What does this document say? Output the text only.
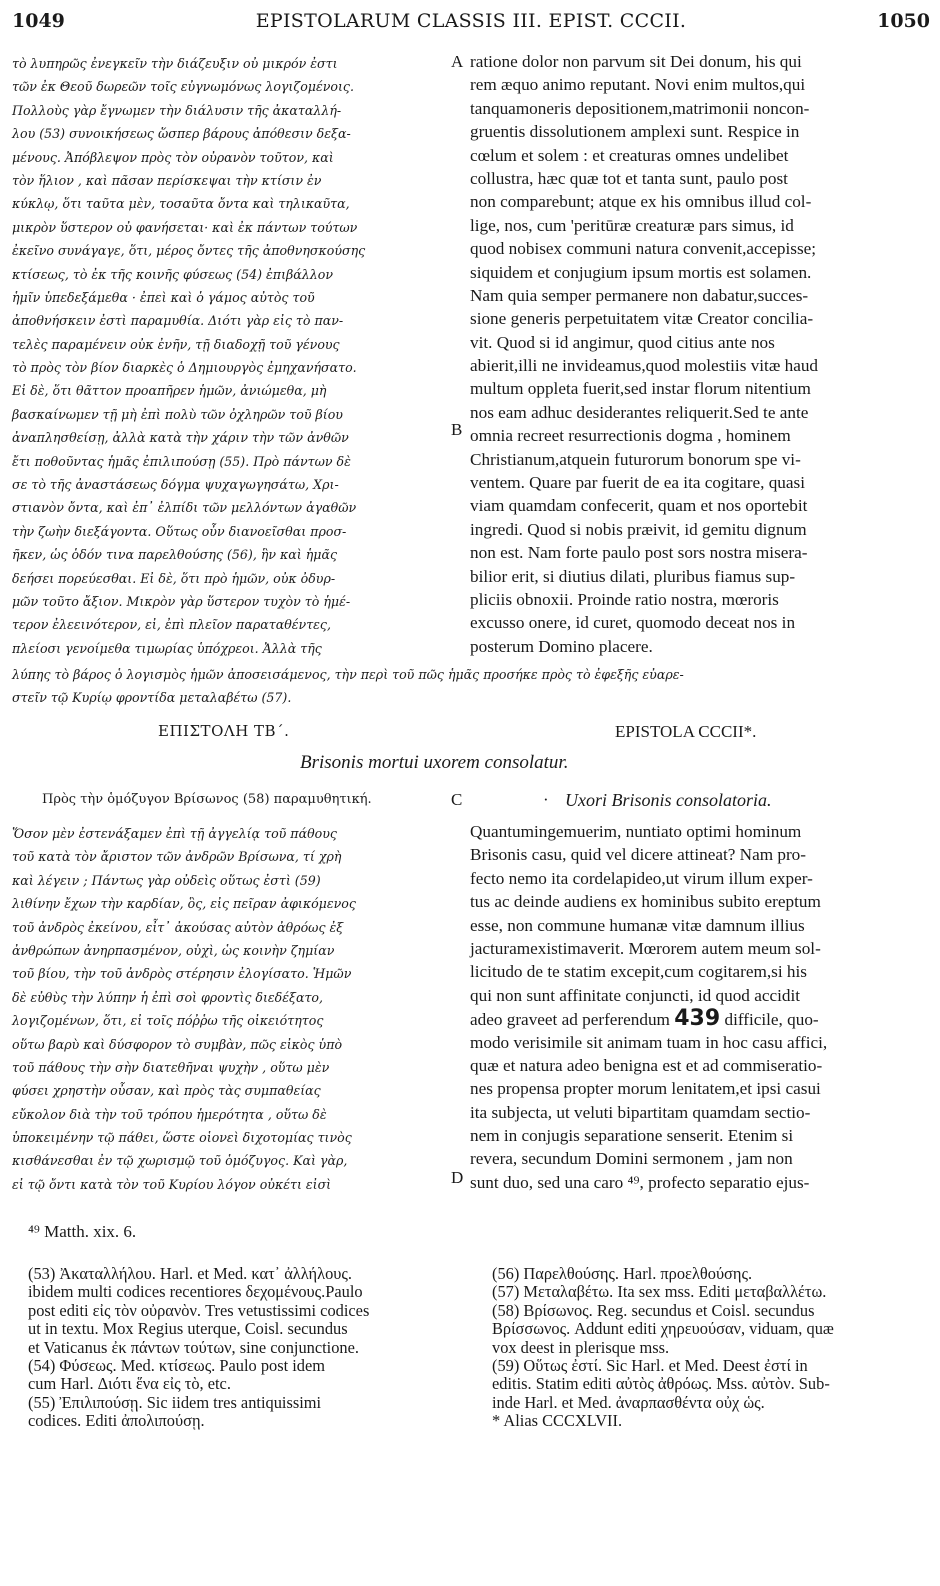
1049	EPISTOLARUM CLASSIS III. EPIST. CCCII.	1050
τὸ λυπηρῶς ἐνεγκεῖν τὴν διάζευξιν οὐ μικρόν ἐστι
τῶν ἐκ Θεοῦ δωρεῶν τοῖς εὐγνωμόνως λογιζομένοις.
Πολλοὺς γὰρ ἔγνωμεν τὴν διάλυσιν τῆς ἀκαταλλή-
λου (53) συνοικήσεως ὥσπερ βάρους ἀπόθεσιν δεξα-
μένους. Ἀπόβλεψον πρὸς τὸν οὐρανὸν τοῦτον, καὶ
τὸν ἥλιον , καὶ πᾶσαν περίσκεψαι τὴν κτίσιν ἐν
κύκλῳ, ὅτι ταῦτα μὲν, τοσαῦτα ὄντα καὶ τηλικαῦτα,
μικρὸν ὕστερον οὐ φανήσεται· καὶ ἐκ πάντων τούτων
ἐκεῖνο συνάγαγε, ὅτι, μέρος ὄντες τῆς ἀποθνησκούσης
κτίσεως, τὸ ἐκ τῆς κοινῆς φύσεως (54) ἐπιβάλλον
ἡμῖν ὑπεδεξάμεθα · ἐπεὶ καὶ ὁ γάμος αὐτὸς τοῦ
ἀποθνήσκειν ἐστὶ παραμυθία. Διότι γὰρ εἰς τὸ παν-
τελὲς παραμένειν οὐκ ἐνῆν, τῇ διαδοχῇ τοῦ γένους
τὸ πρὸς τὸν βίον διαρκὲς ὁ Δημιουργὸς ἐμηχανήσατο.
Εἰ δὲ, ὅτι θᾶττον προαπῆρεν ἡμῶν, ἀνιώμεθα, μὴ
βασκαίνωμεν τῇ μὴ ἐπὶ πολὺ τῶν ὀχληρῶν τοῦ βίου
ἀναπλησθείσῃ, ἀλλὰ κατὰ τὴν χάριν τὴν τῶν ἀνθῶν
ἔτι ποθοῦντας ἡμᾶς ἐπιλιπούσῃ (55). Πρὸ πάντων δὲ
σε τὸ τῆς ἀναστάσεως δόγμα ψυχαγωγησάτω, Χρι-
στιανὸν ὄντα, καὶ ἐπ᾽ ἐλπίδι τῶν μελλόντων ἀγαθῶν
τὴν ζωὴν διεξάγοντα. Οὕτως οὖν διανοεῖσθαι προσ-
ῆκεν, ὡς ὁδόν τινα παρελθούσης (56), ἣν καὶ ἡμᾶς
δεήσει πορεύεσθαι. Εἰ δὲ, ὅτι πρὸ ἡμῶν, οὐκ ὀδυρ-
μῶν τοῦτο ἄξιον. Μικρὸν γὰρ ὕστερον τυχὸν τὸ ἡμέ-
τερον ἐλεεινότερον, εἰ, ἐπὶ πλεῖον παραταθέντες,
πλείοσι γενοίμεθα τιμωρίας ὑπόχρεοι. Ἀλλὰ τῆς
A
B
ratione dolor non parvum sit Dei donum, his qui
rem æquo animo reputant. Novi enim multos,qui
tanquamoneris depositionem,matrimonii noncon-
gruentis dissolutionem amplexi sunt. Respice in
cœlum et solem : et creaturas omnes undelibet
collustra, hæc quæ tot et tanta sunt, paulo post
non comparebunt; atque ex his omnibus illud col-
lige, nos, cum 'peritūræ creaturæ pars simus, id
quod nobisex communi natura convenit,accepisse;
siquidem et conjugium ipsum mortis est solamen.
Nam quia semper permanere non dabatur,succes-
sione generis perpetuitatem vitæ Creator concilia-
vit. Quod si id angimur, quod citius ante nos
abierit,illi ne invideamus,quod molestiis vitæ haud
multum oppleta fuerit,sed instar florum nitentium
nos eam adhuc desiderantes reliquerit.Sed te ante
omnia recreet resurrectionis dogma , hominem
Christianum,atquein futurorum bonorum spe vi-
ventem. Quare par fuerit de ea ita cogitare, quasi
viam quamdam confecerit, quam et nos oportebit
ingredi. Quod si nobis præivit, id gemitu dignum
non est. Nam forte paulo post sors nostra misera-
bilior erit, si diutius dilati, pluribus fiamus sup-
pliciis obnoxii. Proinde ratio nostra, mœroris
excusso onere, id curet, quomodo deceat nos in
posterum Domino placere.
λύπης τὸ βάρος ὁ λογισμὸς ἡμῶν ἀποσεισάμενος, τὴν περὶ τοῦ πῶς ἡμᾶς προσήκε πρὸς τὸ ἐφεξῆς εὐαρε-
στεῖν τῷ Κυρίῳ φροντίδα μεταλαβέτω (57).
ΕΠΙΣΤΟΛΗ ΤΒ΄.	EPISTOLA CCCII*.
Brisonis mortui uxorem consolatur.
Πρὸς τὴν ὁμόζυγον Βρίσωνος (58) παραμυθητική.	C	· Uxori Brisonis consolatoria.
Ὅσον μὲν ἐστενάξαμεν ἐπὶ τῇ ἀγγελίᾳ τοῦ πάθους
τοῦ κατὰ τὸν ἄριστον τῶν ἀνδρῶν Βρίσωνα, τί χρὴ
καὶ λέγειν ; Πάντως γὰρ οὐδεὶς οὕτως ἐστὶ (59)
λιθίνην ἔχων τὴν καρδίαν, ὃς, εἰς πεῖραν ἀφικόμενος
τοῦ ἀνδρὸς ἐκείνου, εἶτ᾽ ἀκούσας αὐτὸν ἀθρόως ἐξ
ἀνθρώπων ἀνηρπασμένον, οὐχὶ, ὡς κοινὴν ζημίαν
τοῦ βίου, τὴν τοῦ ἀνδρὸς στέρησιν ἐλογίσατο. Ἡμῶν
δὲ εὐθὺς τὴν λύπην ἡ ἐπὶ σοὶ φροντὶς διεδέξατο,
λογιζομένων, ὅτι, εἰ τοῖς πόῤῥω τῆς οἰκειότητος
οὕτω βαρὺ καὶ δύσφορον τὸ συμβὰν, πῶς εἰκὸς ὑπὸ
τοῦ πάθους τὴν σὴν διατεθῆναι ψυχὴν , οὕτω μὲν
φύσει χρηστὴν οὖσαν, καὶ πρὸς τὰς συμπαθείας
εὔκολον διὰ τὴν τοῦ τρόπου ἡμερότητα , οὕτω δὲ
ὑποκειμένην τῷ πάθει, ὥστε οἱονεὶ διχοτομίας τινὸς
κισθάνεσθαι ἐν τῷ χωρισμῷ τοῦ ὁμόζυγος. Καὶ γὰρ,
εἰ τῷ ὄντι κατὰ τὸν τοῦ Κυρίου λόγον οὐκέτι εἰσὶ	D
Quantumingemuerim, nuntiato optimi hominum
Brisonis casu, quid vel dicere attineat? Nam pro-
fecto nemo ita cordelapideo,ut virum illum exper-
tus ac deinde audiens ex hominibus subito ereptum
esse, non commune humanæ vitæ damnum illius
jacturamexistimaverit. Mœrorem autem meum sol-
licitudo de te statim excepit,cum cogitarem,si his
qui non sunt affinitate conjuncti, id quod accidit
adeo graveet ad perferendum 439 difficile, quo-
modo verisimile sit animam tuam in hoc casu affici,
quæ et natura adeo benigna est et ad commiseratio-
nes propensa propter morum lenitatem,et ipsi casui
ita subjecta, ut veluti bipartitam quamdam sectio-
nem in conjugis separatione senserit. Etenim si
revera, secundum Domini sermonem , jam non
sunt duo, sed una caro ⁴⁹, profecto separatio ejus-
⁴⁹ Matth. xix. 6.
(53) Ἀκαταλλήλου. Harl. et Med. κατ᾽ ἀλλήλους.
ibidem multi codices recentiores δεχομένους.Paulo
post editi εἰς τὸν οὐρανὸν. Tres vetustissimi codices
ut in textu. Mox Regius uterque, Coisl. secundus
et Vaticanus ἐκ πάντων τούτων, sine conjunctione.
(54) Φύσεως. Med. κτίσεως. Paulo post idem
cum Harl. Διότι ἕνα εἰς τὸ, etc.
(55) Ἐπιλιπούσῃ. Sic iidem tres antiquissimi
codices. Editi ἀπολιπούσῃ.
(56) Παρελθούσης. Harl. προελθούσης.
(57) Μεταλαβέτω. Ita sex mss. Editi μεταβαλλέτω.
(58) Βρίσωνος. Reg. secundus et Coisl. secundus
Βρίσσωνος. Addunt editi χηρευούσαν, viduam, quæ
vox deest in plerisque mss.
(59) Οὕτως ἐστί. Sic Harl. et Med. Deest ἐστί in
editis. Statim editi αὐτὸς ἀθρόως. Mss. αὐτὸν. Sub-
inde Harl. et Med. ἀναρπασθέντα οὐχ ὡς.
* Alias CCCXLVII.
